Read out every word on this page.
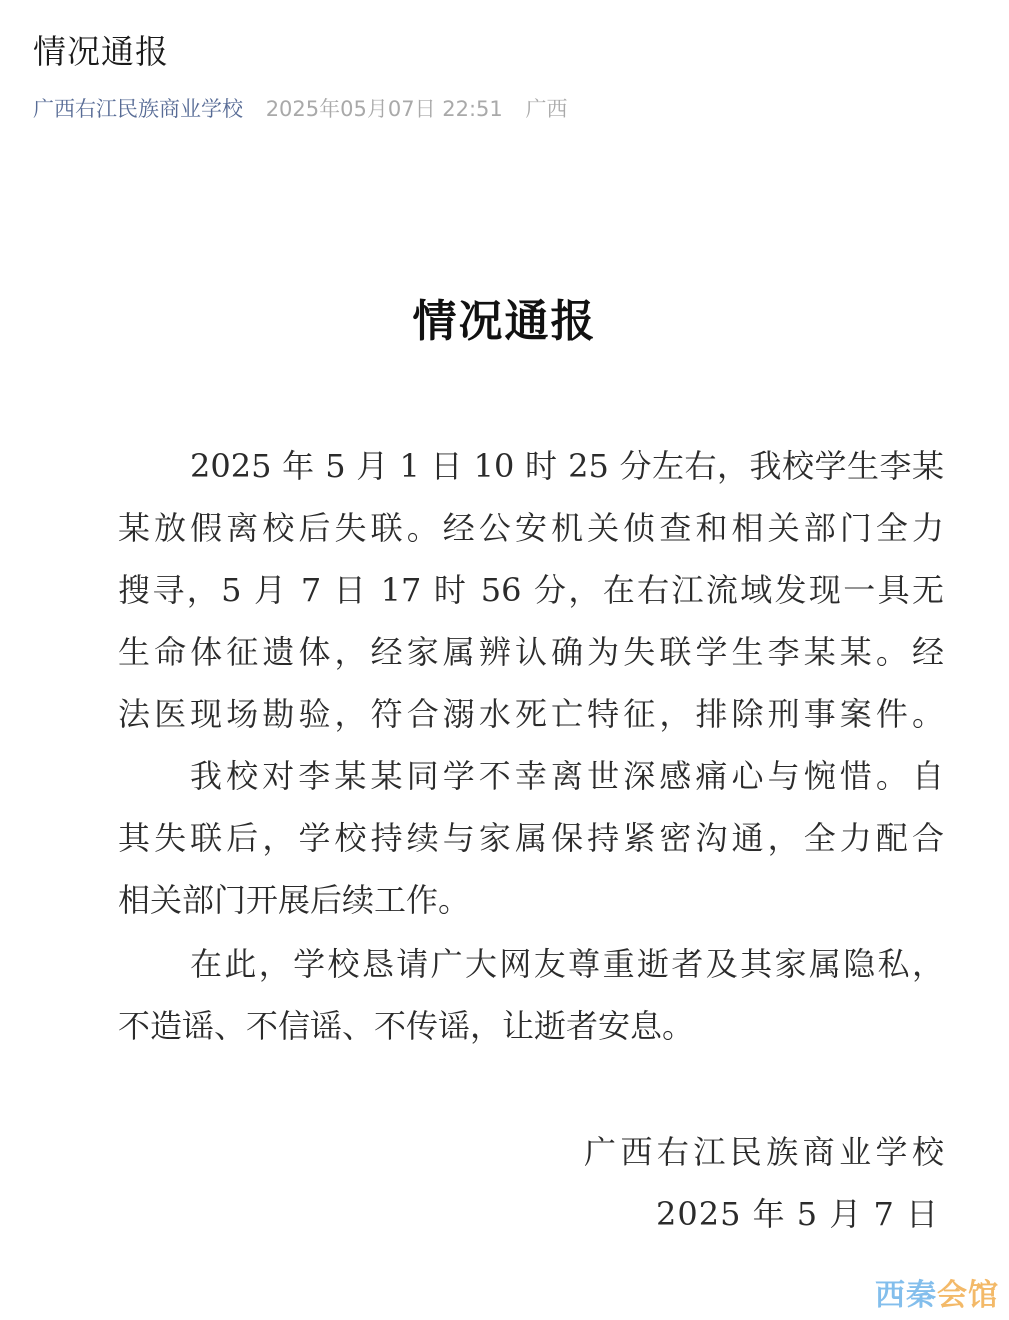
情况通报
广西右江民族商业学校 2025年05月07日 22:51 广西
情况通报
2025 年 5 月 1 日 10 时 25 分左右，我校学生李某
某放假离校后失联。经公安机关侦查和相关部门全力
搜寻，5 月 7 日 17 时 56 分，在右江流域发现一具无
生命体征遗体，经家属辨认确为失联学生李某某。经
法医现场勘验，符合溺水死亡特征，排除刑事案件。
我校对李某某同学不幸离世深感痛心与惋惜。自
其失联后，学校持续与家属保持紧密沟通，全力配合
相关部门开展后续工作。
在此，学校恳请广大网友尊重逝者及其家属隐私，
不造谣、不信谣、不传谣，让逝者安息。
广西右江民族商业学校
2025 年 5 月 7 日
西秦会馆
